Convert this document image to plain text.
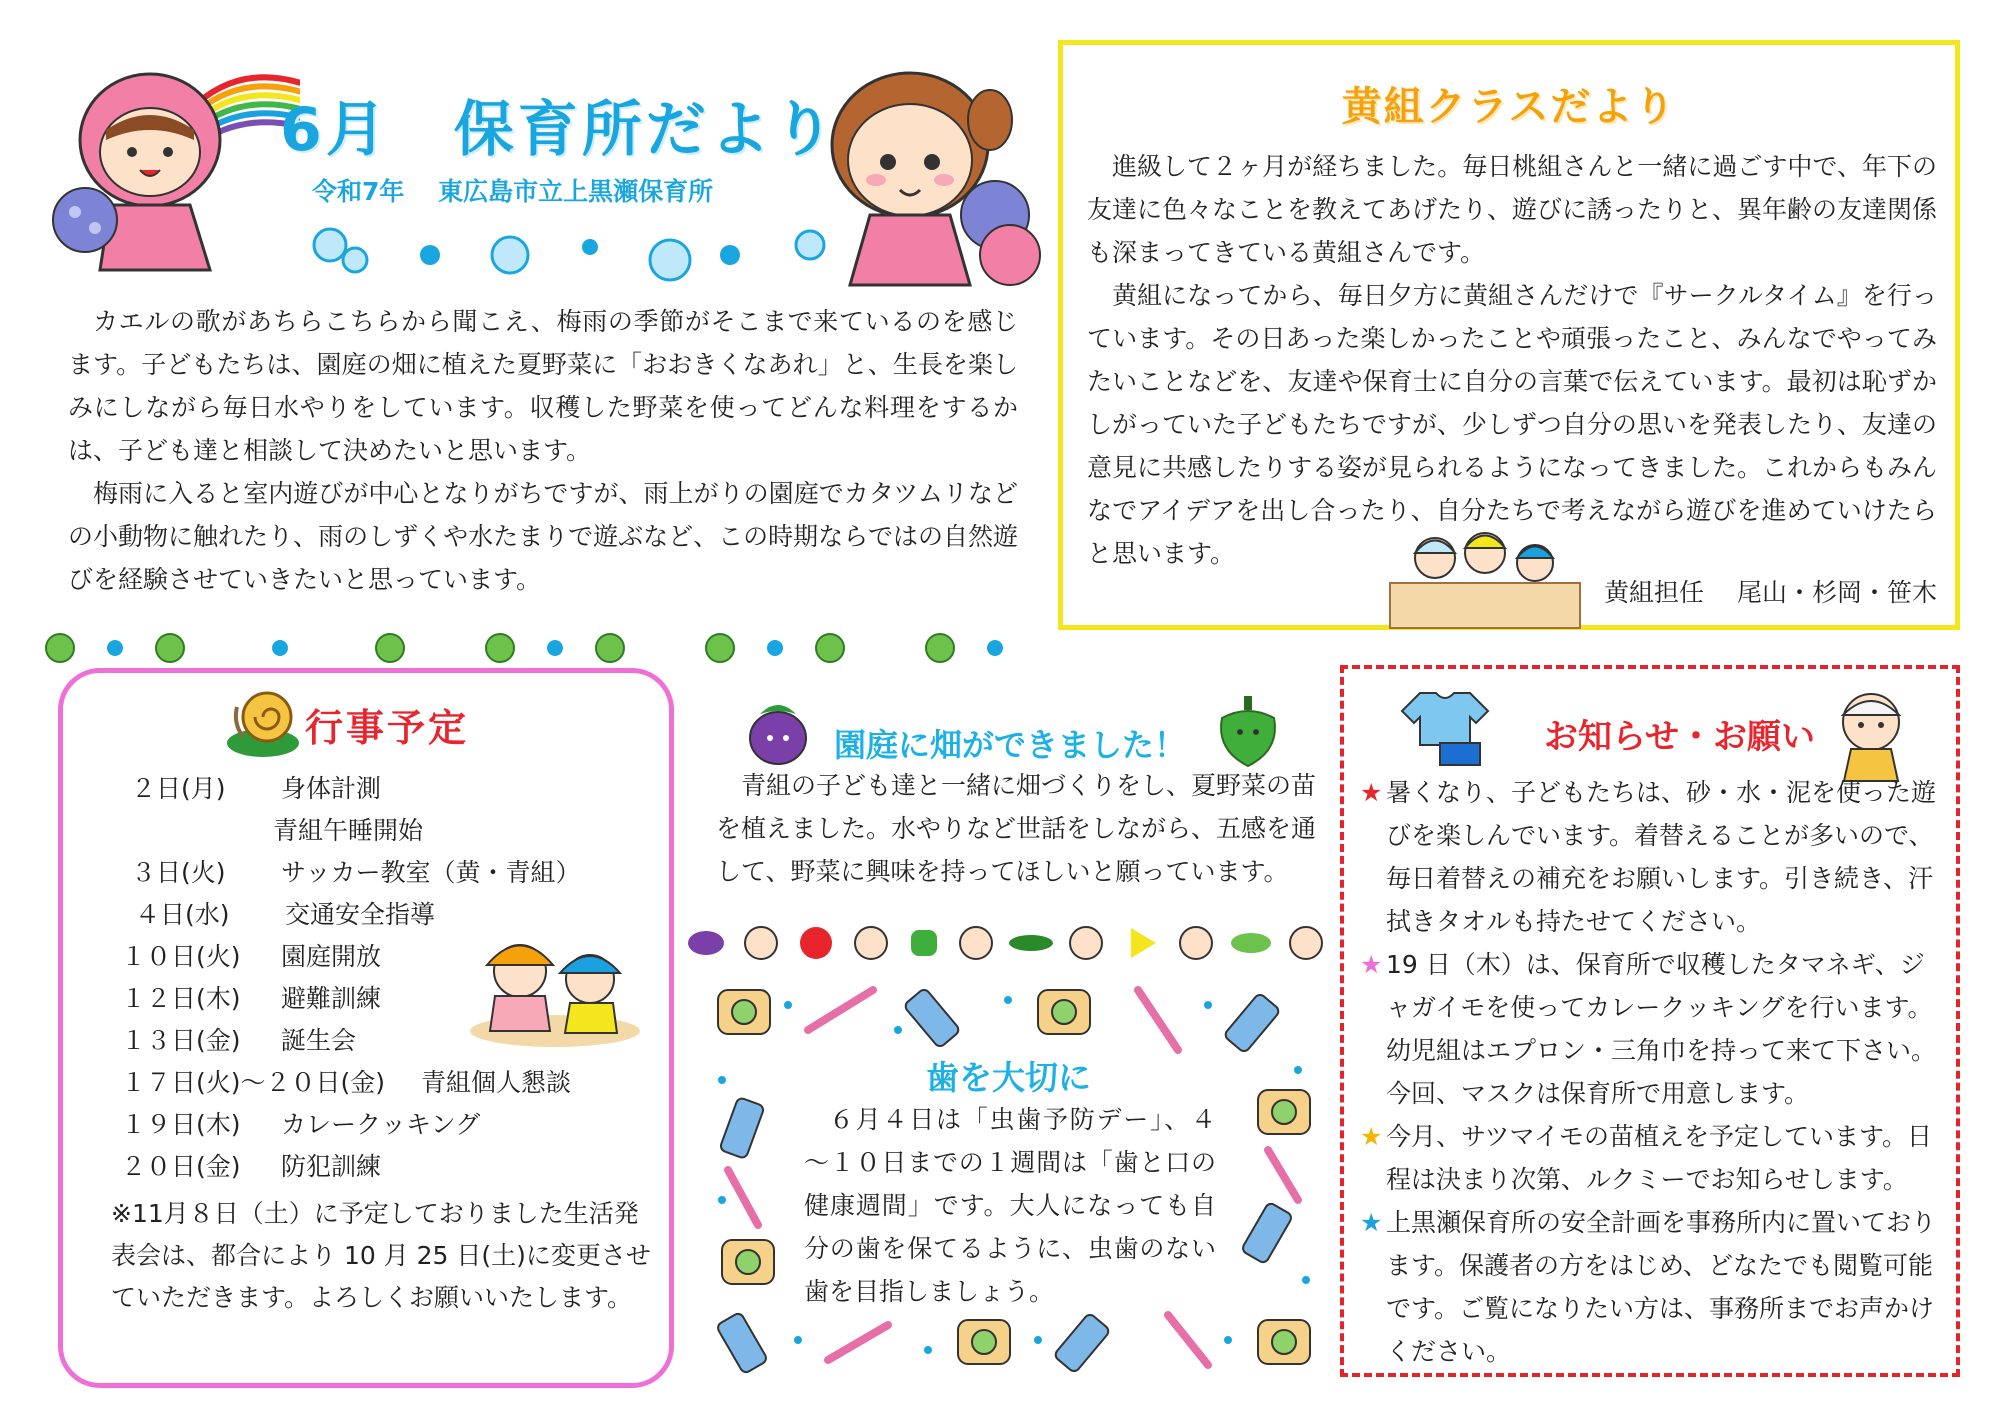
6月　保育所だより
令和7年　 東広島市立上黒瀬保育所

カエルの歌があちらこちらから聞こえ、梅雨の季節がそこまで来ているのを感じます。子どもたちは、園庭の畑に植えた夏野菜に「おおきくなあれ」と、生長を楽しみにしながら毎日水やりをしています。収穫した野菜を使ってどんな料理をするかは、子ども達と相談して決めたいと思います。

梅雨に入ると室内遊びが中心となりがちですが、雨上がりの園庭でカタツムリなどの小動物に触れたり、雨のしずくや水たまりで遊ぶなど、この時期ならではの自然遊びを経験させていきたいと思っています。

黄組クラスだより

進級して２ヶ月が経ちました。毎日桃組さんと一緒に過ごす中で、年下の友達に色々なことを教えてあげたり、遊びに誘ったりと、異年齢の友達関係も深まってきている黄組さんです。

黄組になってから、毎日夕方に黄組さんだけで『サークルタイム』を行っています。その日あった楽しかったことや頑張ったこと、みんなでやってみたいことなどを、友達や保育士に自分の言葉で伝えています。最初は恥ずかしがっていた子どもたちですが、少しずつ自分の思いを発表したり、友達の意見に共感したりする姿が見られるようになってきました。これからもみんなでアイデアを出し合ったり、自分たちで考えながら遊びを進めていけたらと思います。

黄組担任　 尾山・杉岡・笹木
行事予定
２日(月) 身体計測
青組午睡開始
３日(火) サッカー教室（黄・青組）
４日(水) 交通安全指導
１０日(火) 園庭開放
１２日(木) 避難訓練
１３日(金) 誕生会
１７日(火)～２０日(金) 青組個人懇談
１９日(木) カレークッキング
２０日(金) 防犯訓練
※11月８日（土）に予定しておりました生活発表会は、都合により 10 月 25 日(土)に変更させていただきます。よろしくお願いいたします。
園庭に畑ができました！

青組の子ども達と一緒に畑づくりをし、夏野菜の苗を植えました。水やりなど世話をしながら、五感を通して、野菜に興味を持ってほしいと願っています。

歯を大切に

６月４日は「虫歯予防デー」、４～１０日までの１週間は「歯と口の健康週間」です。大人になっても自分の歯を保てるように、虫歯のない歯を目指しましょう。

お知らせ・お願い
★ 暑くなり、子どもたちは、砂・水・泥を使った遊びを楽しんでいます。着替えることが多いので、毎日着替えの補充をお願いします。引き続き、汗拭きタオルも持たせてください。
★ 19 日（木）は、保育所で収穫したタマネギ、ジャガイモを使ってカレークッキングを行います。幼児組はエプロン・三角巾を持って来て下さい。今回、マスクは保育所で用意します。
★ 今月、サツマイモの苗植えを予定しています。日程は決まり次第、ルクミーでお知らせします。
★ 上黒瀬保育所の安全計画を事務所内に置いております。保護者の方をはじめ、どなたでも閲覧可能です。ご覧になりたい方は、事務所までお声かけください。
